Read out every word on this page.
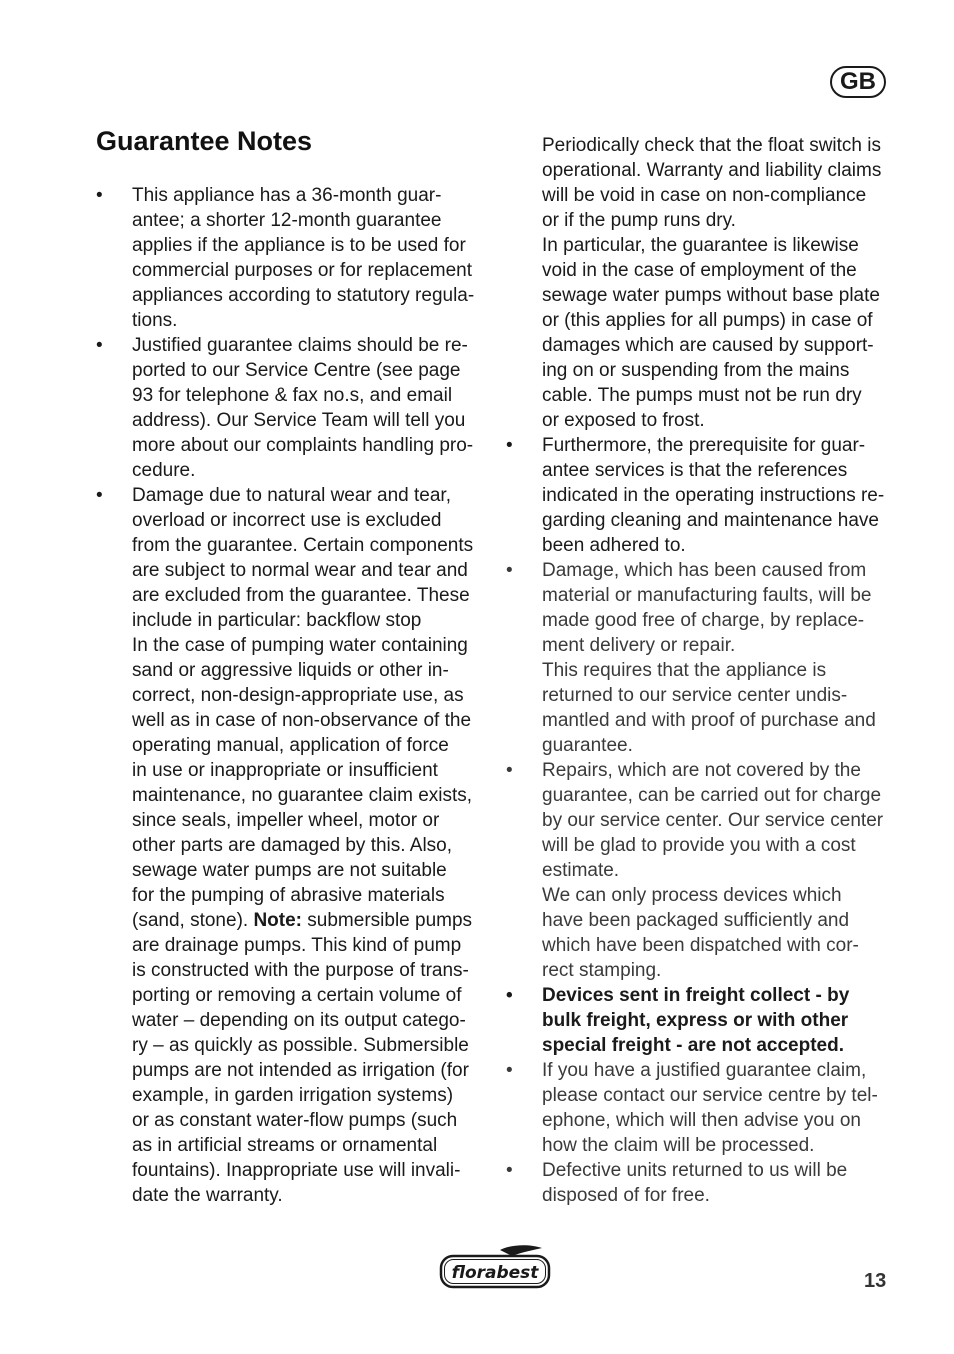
GB
Guarantee Notes
•	This appliance has a 36-month guar-
antee; a shorter 12-month guarantee
applies if the appliance is to be used for
commercial purposes or for replacement
appliances according to statutory regula-
tions.
•	Justified guarantee claims should be re-
ported to our Service Centre (see page
93 for telephone & fax no.s, and email
address). Our Service Team will tell you
more about our complaints handling pro-
cedure.
•	Damage due to natural wear and tear,
overload or incorrect use is excluded
from the guarantee. Certain components
are subject to normal wear and tear and
are excluded from the guarantee. These
include in particular: backflow stop
In the case of pumping water containing
sand or aggressive liquids or other in-
correct, non-design-appropriate use, as
well as in case of non-observance of the
operating manual, application of force
in use or inappropriate or insufficient
maintenance, no guarantee claim exists,
since seals, impeller wheel, motor or
other parts are damaged by this. Also,
sewage water pumps are not suitable
for the pumping of abrasive materials
(sand, stone). Note: submersible pumps
are drainage pumps. This kind of pump
is constructed with the purpose of trans-
porting or removing a certain volume of
water – depending on its output catego-
ry – as quickly as possible. Submersible
pumps are not intended as irrigation (for
example, in garden irrigation systems)
or as constant water-flow pumps (such
as in artificial streams or ornamental
fountains). Inappropriate use will invali-
date the warranty.
Periodically check that the float switch is
operational. Warranty and liability claims
will be void in case on non-compliance
or if the pump runs dry.
In particular, the guarantee is likewise
void in the case of employment of the
sewage water pumps without base plate
or (this applies for all pumps) in case of
damages which are caused by support-
ing on or suspending from the mains
cable. The pumps must not be run dry
or exposed to frost.
•	Furthermore, the prerequisite for guar-
antee services is that the references
indicated in the operating instructions re-
garding cleaning and maintenance have
been adhered to.
•	Damage, which has been caused from
material or manufacturing faults, will be
made good free of charge, by replace-
ment delivery or repair.
This requires that the appliance is
returned to our service center undis-
mantled and with proof of purchase and
guarantee.
•	Repairs, which are not covered by the
guarantee, can be carried out for charge
by our service center. Our service center
will be glad to provide you with a cost
estimate.
We can only process devices which
have been packaged sufficiently and
which have been dispatched with cor-
rect stamping.
•	Devices sent in freight collect - by
bulk freight, express or with other
special freight - are not accepted.
•	If you have a justified guarantee claim,
please contact our service centre by tel-
ephone, which will then advise you on
how the claim will be processed.
•	Defective units returned to us will be
disposed of for free.
florabest	13
